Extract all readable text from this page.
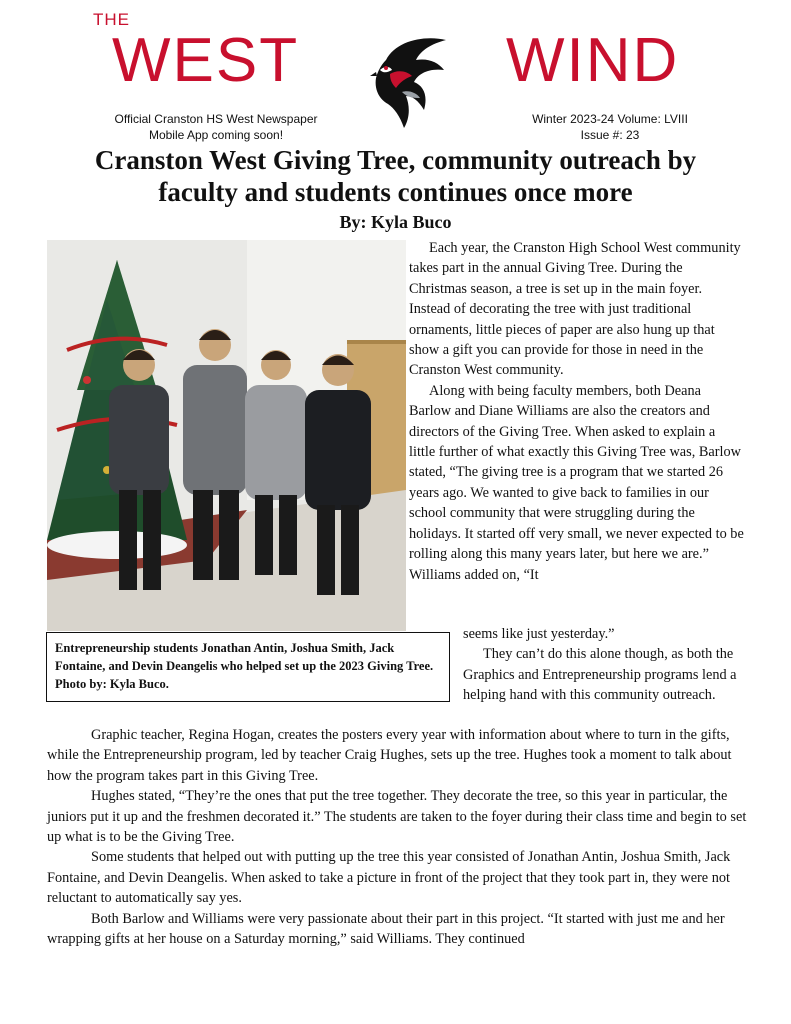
THE
WEST	WIND
Official Cranston HS West Newspaper
Mobile App coming soon!
Winter 2023-24 Volume: LVIII
Issue #: 23
Cranston West Giving Tree, community outreach by
faculty and students continues once more
By: Kyla Buco
Entrepreneurship students Jonathan Antin, Joshua Smith, Jack Fontaine, and Devin Deangelis who helped set up the 2023 Giving Tree. Photo by: Kyla Buco.

Each year, the Cranston High School West community takes part in the annual Giving Tree. During the Christmas season, a tree is set up in the main foyer. Instead of decorating the tree with just traditional ornaments, little pieces of paper are also hung up that show a gift you can provide for those in need in the Cranston West community.

Along with being faculty members, both Deana Barlow and Diane Williams are also the creators and directors of the Giving Tree. When asked to explain a little further of what exactly this Giving Tree was, Barlow stated, “The giving tree is a program that we started 26 years ago. We wanted to give back to families in our school community that were struggling during the holidays. It started off very small, we never expected to be rolling along this many years later, but here we are.” Williams added on, “It

seems like just yesterday.”

They can’t do this alone though, as both the Graphics and Entrepreneurship programs lend a helping hand with this community outreach.

Graphic teacher, Regina Hogan, creates the posters every year with information about where to turn in the gifts, while the Entrepreneurship program, led by teacher Craig Hughes, sets up the tree. Hughes took a moment to talk about how the program takes part in this Giving Tree.

Hughes stated, “They’re the ones that put the tree together. They decorate the tree, so this year in particular, the juniors put it up and the freshmen decorated it.” The students are taken to the foyer during their class time and begin to set up what is to be the Giving Tree.

Some students that helped out with putting up the tree this year consisted of Jonathan Antin, Joshua Smith, Jack Fontaine, and Devin Deangelis. When asked to take a picture in front of the project that they took part in, they were not reluctant to automatically say yes.

Both Barlow and Williams were very passionate about their part in this project. “It started with just me and her wrapping gifts at her house on a Saturday morning,” said Williams. They continued
